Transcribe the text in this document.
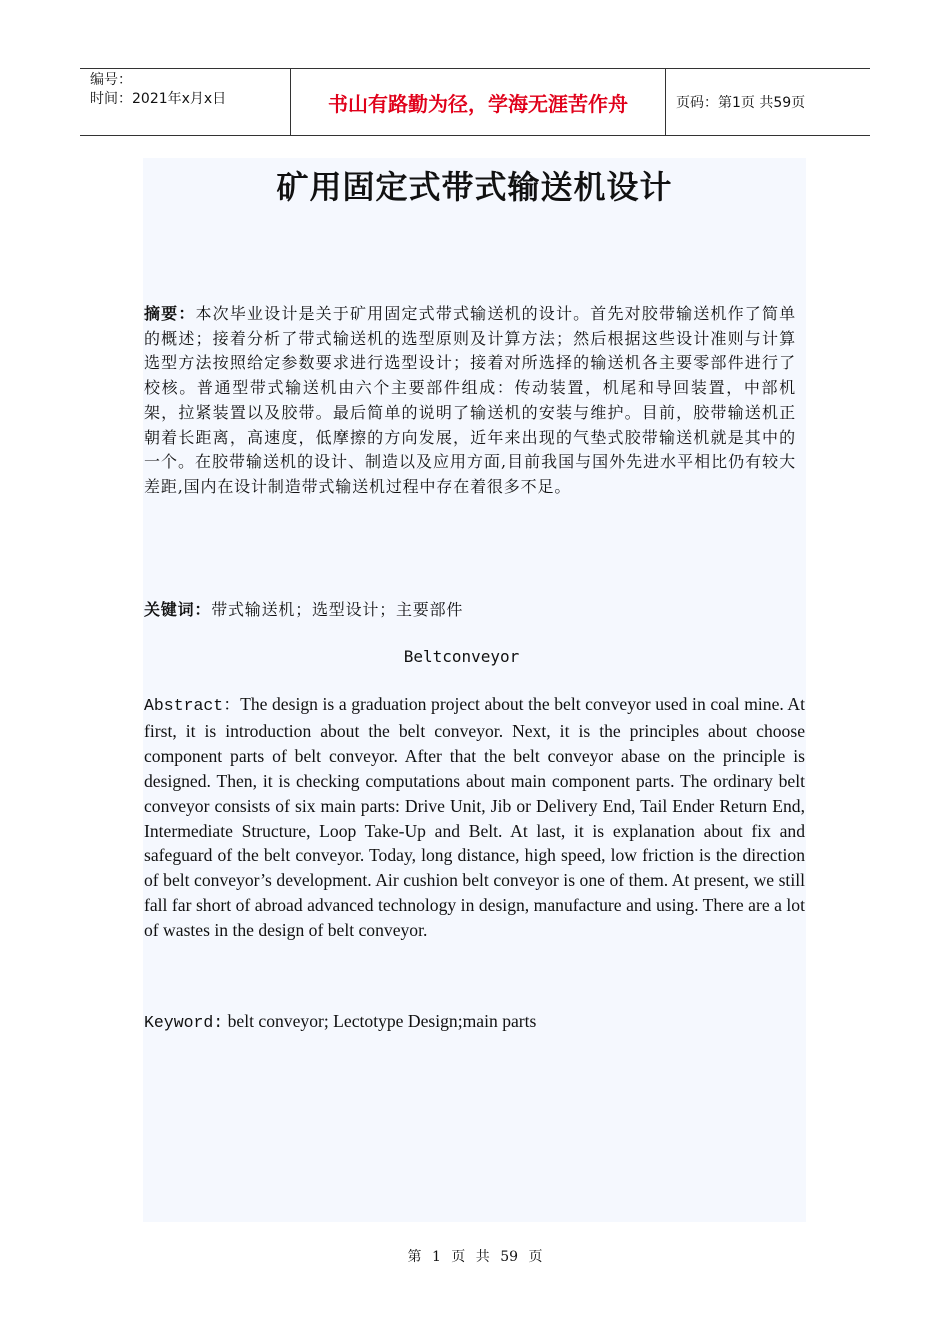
编号：
时间：2021年x月x日	书山有路勤为径，学海无涯苦作舟	页码：第1页 共59页
矿用固定式带式输送机设计
摘要：本次毕业设计是关于矿用固定式带式输送机的设计。首先对胶带输送机作了简单的概述；接着分析了带式输送机的选型原则及计算方法；然后根据这些设计准则与计算选型方法按照给定参数要求进行选型设计；接着对所选择的输送机各主要零部件进行了校核。普通型带式输送机由六个主要部件组成：传动装置，机尾和导回装置，中部机架，拉紧装置以及胶带。最后简单的说明了输送机的安装与维护。目前，胶带输送机正朝着长距离，高速度，低摩擦的方向发展，近年来出现的气垫式胶带输送机就是其中的一个。在胶带输送机的设计、制造以及应用方面,目前我国与国外先进水平相比仍有较大差距,国内在设计制造带式输送机过程中存在着很多不足。
关键词：带式输送机；选型设计；主要部件
Beltconveyor
Abstract：The design is a graduation project about the belt conveyor used in coal mine. At first, it is introduction about the belt conveyor. Next, it is the principles about choose component parts of belt conveyor. After that the belt conveyor abase on the principle is designed. Then, it is checking computations about main component parts. The ordinary belt conveyor consists of six main parts: Drive Unit, Jib or Delivery End, Tail Ender Return End, Intermediate Structure, Loop Take-Up and Belt. At last, it is explanation about fix and safeguard of the belt conveyor. Today, long distance, high speed, low friction is the direction of belt conveyor’s development. Air cushion belt conveyor is one of them. At present, we still fall far short of abroad advanced technology in design, manufacture and using. There are a lot of wastes in the design of belt conveyor.
Keyword: belt conveyor; Lectotype Design;main parts
第 1 页 共 59 页
